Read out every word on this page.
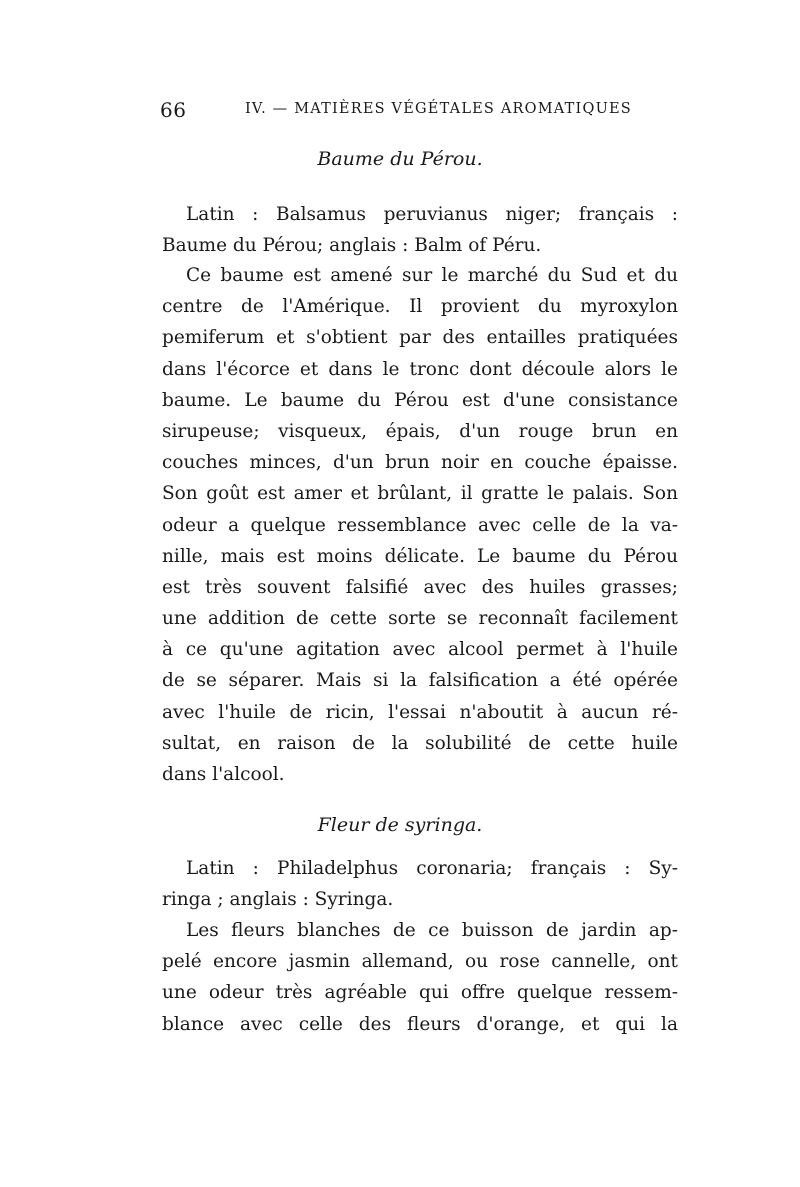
66	IV. — MATIÈRES VÉGÉTALES AROMATIQUES
Baume du Pérou.

Latin : Balsamus peruvianus niger; français :
Baume du Pérou; anglais : Balm of Péru.

Ce baume est amené sur le marché du Sud et du
centre de l'Amérique. Il provient du myroxylon
pemiferum et s'obtient par des entailles pratiquées
dans l'écorce et dans le tronc dont découle alors le
baume. Le baume du Pérou est d'une consistance
sirupeuse; visqueux, épais, d'un rouge brun en
couches minces, d'un brun noir en couche épaisse.
Son goût est amer et brûlant, il gratte le palais. Son
odeur a quelque ressemblance avec celle de la va-
nille, mais est moins délicate. Le baume du Pérou
est très souvent falsifié avec des huiles grasses;
une addition de cette sorte se reconnaît facilement
à ce qu'une agitation avec alcool permet à l'huile
de se séparer. Mais si la falsification a été opérée
avec l'huile de ricin, l'essai n'aboutit à aucun ré-
sultat, en raison de la solubilité de cette huile
dans l'alcool.

Fleur de syringa.

Latin : Philadelphus coronaria; français : Sy-
ringa ; anglais : Syringa.

Les fleurs blanches de ce buisson de jardin ap-
pelé encore jasmin allemand, ou rose cannelle, ont
une odeur très agréable qui offre quelque ressem-
blance avec celle des fleurs d'orange, et qui la
